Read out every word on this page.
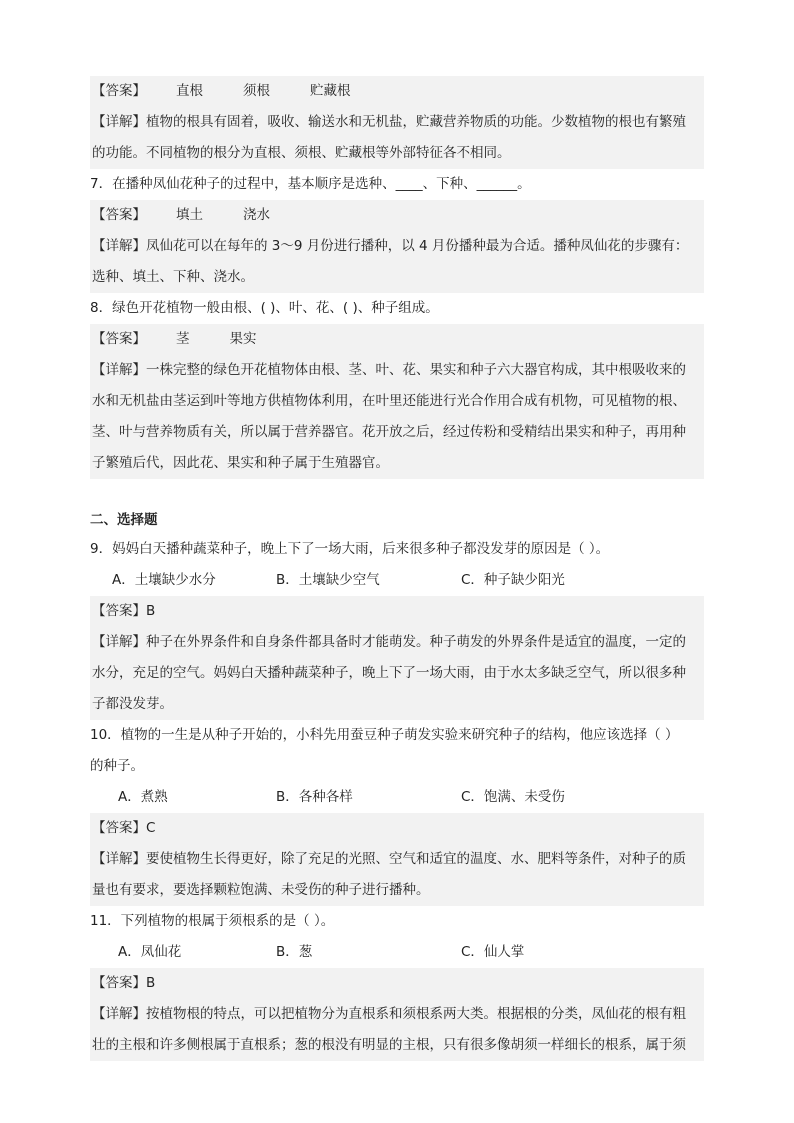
【答案】 直根	须根	贮藏根
【详解】植物的根具有固着，吸收、输送水和无机盐，贮藏营养物质的功能。少数植物的根也有繁殖
的功能。不同植物的根分为直根、须根、贮藏根等外部特征各不相同。
7．在播种凤仙花种子的过程中，基本顺序是选种、____、下种、______。
【答案】 填土	浇水
【详解】凤仙花可以在每年的 3～9 月份进行播种，以 4 月份播种最为合适。播种凤仙花的步骤有：
选种、填土、下种、浇水。
8．绿色开花植物一般由根、( )、叶、花、( )、种子组成。
【答案】 茎	果实
【详解】一株完整的绿色开花植物体由根、茎、叶、花、果实和种子六大器官构成，其中根吸收来的
水和无机盐由茎运到叶等地方供植物体利用，在叶里还能进行光合作用合成有机物，可见植物的根、
茎、叶与营养物质有关，所以属于营养器官。花开放之后，经过传粉和受精结出果实和种子，再用种
子繁殖后代，因此花、果实和种子属于生殖器官。
二、选择题
9．妈妈白天播种蔬菜种子，晚上下了一场大雨，后来很多种子都没发芽的原因是（ ）。
A．土壤缺少水分	B．土壤缺少空气	C．种子缺少阳光
【答案】B
【详解】种子在外界条件和自身条件都具备时才能萌发。种子萌发的外界条件是适宜的温度，一定的
水分，充足的空气。妈妈白天播种蔬菜种子，晚上下了一场大雨，由于水太多缺乏空气，所以很多种
子都没发芽。
10．植物的一生是从种子开始的，小科先用蚕豆种子萌发实验来研究种子的结构，他应该选择（ ）
的种子。
A．煮熟	B．各种各样	C．饱满、未受伤
【答案】C
【详解】要使植物生长得更好，除了充足的光照、空气和适宜的温度、水、肥料等条件，对种子的质
量也有要求，要选择颗粒饱满、未受伤的种子进行播种。
11．下列植物的根属于须根系的是（ ）。
A．凤仙花	B．葱	C．仙人掌
【答案】B
【详解】按植物根的特点，可以把植物分为直根系和须根系两大类。根据根的分类，凤仙花的根有粗
壮的主根和许多侧根属于直根系；葱的根没有明显的主根，只有很多像胡须一样细长的根系，属于须
